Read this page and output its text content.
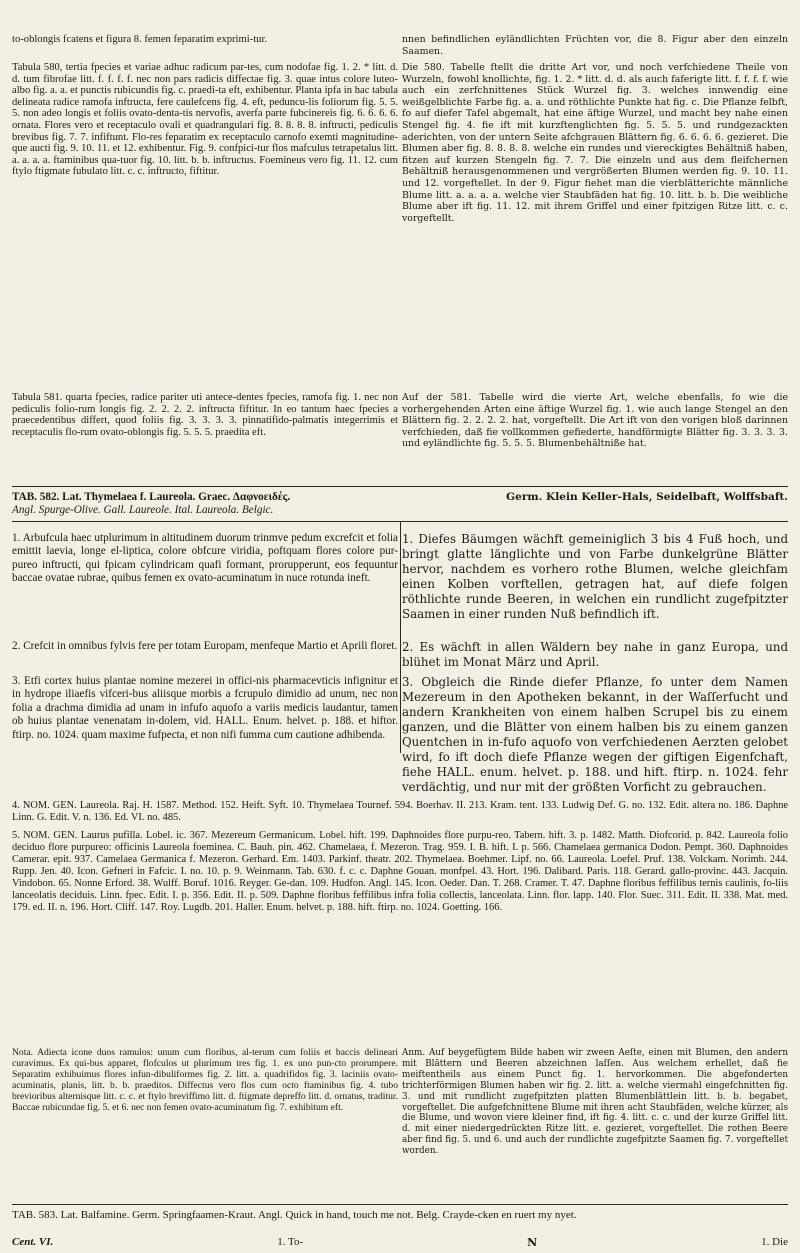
to-oblongis fcatens et figura 8. femen feparatim exprimi-tur.	nnen befindlichen eyländlichten Früchten vor, die 8. Figur aber den einzeln Saamen.

Tabula 580, tertia fpecies et variae adhuc radicum par-tes, cum nodofae fig. 1. 2. * litt. d. d. tum fibrofae litt. f. f. f. f. nec non pars radicis diffectae fig. 3. quae intus colore luteo-albo fig. a. a. et punctis rubicundis fig. c. praedi-ta eft, exhibentur. Planta ipfa in hac tabula delineata radice ramofa inftructa, fere caulefcens fig. 4. eft, peduncu-lis foliorum fig. 5. 5. 5. non adeo longis et foliis ovato-denta-tis nervofis, averfa parte fubcinereis fig. 6. 6. 6. 6. ornata. Flores vero et receptaculo ovali et quadrangulari fig. 8. 8. 8. 8. inftructi, pediculis brevibus fig. 7. 7. infiftunt. Flo-res feparatim ex receptaculo carnofo exemti magnitudine-que aucti fig. 9. 10. 11. et 12. exhibentur. Fig. 9. confpici-tur flos mafculus tetrapetalus litt. a. a. a. a. ftaminibus qua-tuor fig. 10. litt. b. b. inftructus. Foemineus vero fig. 11. 12. cum ftylo ftigmate fubulato litt. c. c. inftructo, fiftitur.

Die 580. Tabelle ftellt die dritte Art vor, und noch verfchiedene Theile von Wurzeln, fowohl knollichte, fig. 1. 2. * litt. d. d. als auch faferigte litt. f. f. f. f. wie auch ein zerfchnittenes Stück Wurzel fig. 3. welches innwendig eine weißgelblichte Farbe fig. a. a. und röthlichte Punkte hat fig. c. Die Pflanze felbft, fo auf diefer Tafel abgemalt, hat eine äftige Wurzel, und macht bey nahe einen Stengel fig. 4. fie ift mit kurzftenglichten fig. 5. 5. 5. und rundgezackten aderichten, von der untern Seite afchgrauen Blättern fig. 6. 6. 6. 6. gezieret. Die Blumen aber fig. 8. 8. 8. 8. welche ein rundes und viereckigtes Behältniß haben, fitzen auf kurzen Stengeln fig. 7. 7. Die einzeln und aus dem fleifchernen Behältniß herausgenommenen und vergrößerten Blumen werden fig. 9. 10. 11. und 12. vorgeftellet. In der 9. Figur fiehet man die vierblätterichte männliche Blume litt. a. a. a. a. welche vier Staubfäden hat fig. 10. litt. b. b. Die weibliche Blume aber ift fig. 11. 12. mit ihrem Griffel und einer fpitzigen Ritze litt. c. c. vorgeftellt.

Tabula 581. quarta fpecies, radice pariter uti antece-dentes fpecies, ramofa fig. 1. nec non pediculis folio-rum longis fig. 2. 2. 2. 2. inftructa fiftitur. In eo tantum haec fpecies a praecedentibus differt, quod foliis fig. 3. 3. 3. 3. pinnatifido-palmatis integerrimis et receptaculis flo-rum ovato-oblongis fig. 5. 5. 5. praedita eft.

Auf der 581. Tabelle wird die vierte Art, welche ebenfalls, fo wie die vorhergehenden Arten eine äftige Wurzel fig. 1. wie auch lange Stengel an den Blättern fig. 2. 2. 2. 2. hat, vorgeftellt. Die Art ift von den vorigen bloß darinnen verfchieden, daß fie vollkommen gefiederte, handförmigte Blätter fig. 3. 3. 3. 3. und eyländlichte fig. 5. 5. 5. Blumenbehältniße hat.

TAB. 582. Lat. Thymelaea f. Laureola. Graec. Δαφνοειδές.	Germ. Klein Keller-Hals, Seidelbaft, Wolffsbaft.
Angl. Spurge-Olive. Gall. Laureole. Ital. Laureola. Belgic.

1. Arbufcula haec utplurimum in altitudinem duorum trinmve pedum excrefcit et folia emittit laevia, longe el-liptica, colore obfcure viridia, poftquam flores colore pur-pureo inftructi, qui fpicam cylindricam quafi formant, prorupperunt, eos fequuntur baccae ovatae rubrae, quibus femen ex ovato-acuminatum in nuce rotunda ineft.

1. Diefes Bäumgen wächft gemeiniglich 3 bis 4 Fuß hoch, und bringt glatte länglichte und von Farbe dunkelgrüne Blätter hervor, nachdem es vorhero rothe Blumen, welche gleichfam einen Kolben vorftellen, getragen hat, auf diefe folgen röthlichte runde Beeren, in welchen ein rundlicht zugefpitzter Saamen in einer runden Nuß befindlich ift.

2. Crefcit in omnibus fylvis fere per totam Europam, menfeque Martio et Aprili floret. 2. Es wächft in allen Wäldern bey nahe in ganz Europa, und blühet im Monat März und April.

3. Etfi cortex huius plantae nomine mezerei in offici-nis pharmacevticis infignitur et in hydrope iliaefis vifceri-bus aliisque morbis a fcrupulo dimidio ad unum, nec non folia a drachma dimidia ad unam in infufo aquofo a variis medicis laudantur, tamen ob huius plantae venenatam in-dolem, vid. HALL. Enum. helvet. p. 188. et hiftor. ftirp. no. 1024. quam maxime fufpecta, et non nifi fumma cum cautione adhibenda.

3. Obgleich die Rinde diefer Pflanze, fo unter dem Namen Mezereum in den Apotheken bekannt, in der Waſſerfucht und andern Krankheiten von einem halben Scrupel bis zu einem ganzen, und die Blätter von einem halben bis zu einem ganzen Quentchen in in-fufo aquofo von verfchiedenen Aerzten gelobet wird, fo ift doch diefe Pflanze wegen der giftigen Eigenfchaft, fiehe HALL. enum. helvet. p. 188. und hift. ftirp. n. 1024. fehr verdächtig, und nur mit der größten Vorficht zu gebrauchen.

4. NOM. GEN. Laureola. Raj. H. 1587. Method. 152. Heift. Syft. 10. Thymelaea Tournef. 594. Boerhav. II. 213. Kram. tent. 133. Ludwig Def. G. no. 132. Edit. altera no. 186. Daphne Linn. G. Edit. V. n. 136. Ed. VI. no. 485.
5. NOM. GEN. Laurus pufilla. Lobel. ic. 367. Mezereum Germanicum. Lobel. hift. 199. Daphnoides flore purpu-reo. Tabern. hift. 3. p. 1482. Matth. Diofcorid. p. 842. Laureola folio deciduo flore purpureo: officinis Laureola foeminea. C. Bauh. pin. 462. Chamelaea, f. Mezeron. Trag. 959. I. B. hift. I. p. 566. Chamelaea germanica Dodon. Pempt. 360. Daphnoides Camerar. epit. 937. Camelaea Germanica f. Mezeron. Gerhard. Em. 1403. Parkinf. theatr. 202. Thymelaea. Boehmer. Lipf. no. 66. Laureola. Loefel. Pruf. 138. Volckam. Norimb. 244. Rupp. Jen. 40. Icon. Gefneri in Fafcic. I. no. 10. p. 9. Weinmann. Tab. 630. f. c. c. Daphne Gouan. monfpel. 43. Hort. 196. Dalibard. Paris. 118. Gerard. gallo-provinc. 443. Jacquin. Vindobon. 65. Nonne Erford. 38. Wulff. Boruf. 1016. Reyger. Ge-dan. 109. Hudfon. Angl. 145. Icon. Oeder. Dan. T. 268. Cramer. T. 47. Daphne floribus feffilibus ternis caulinis, fo-liis lanceolatis deciduis. Linn. fpec. Edit. I. p. 356. Edit. II. p. 509. Daphne floribus feffilibus infra folia collectis, lanceolata. Linn. flor. lapp. 140. Flor. Suec. 311. Edit. II. 338. Mat. med. 179. ed. II. n. 196. Hort. Cliff. 147. Roy. Lugdb. 201. Haller. Enum. helvet. p. 188. hift. ftirp. no. 1024. Goetting. 166.

Nota. Adiecta icone duos ramulos: unum cum floribus, al-terum cum foliis et baccis delineari curavimus. Ex qui-bus apparet, flofculos ut plurimum tres fig. 1. ex uno pun-cto prorumpere. Separatim exhibuimus flores infun-dibuliformes fig. 2. litt. a. quadrifidos fig. 3. laciniis ovato-acuminatis, planis, litt. b. b. praeditos. Diffectus vero flos cum octo ftaminibus fig. 4. tubo brevioribus alternisque litt. c. c. et ftylo breviffimo litt. d. ftigmate depreffo litt. d. ornatus, traditur. Baccae rubicundae fig. 5. et 6. nec non femen ovato-acuminatum fig. 7. exhibitum eft.

Anm. Auf beygefügtem Bilde haben wir zween Aeſte, einen mit Blumen, den andern mit Blättern und Beeren abzeichnen laſſen. Aus welchem erhellet, daß fie meiftentheils aus einem Punct fig. 1. hervorkommen. Die abgefonderten trichterförmigen Blumen haben wir fig. 2. litt. a. welche viermahl eingefchnitten fig. 3. und mit rundlicht zugefpitzten platten Blumenblättlein litt. b. b. begabet, vorgeftellet. Die aufgefchnittene Blume mit ihren acht Staubfäden, welche kürzer, als die Blume, und wovon viere kleiner find, ift fig. 4. litt. c. c. und der kurze Griffel litt. d. mit einer niedergedrückten Ritze litt. e. gezieret, vorgeftellet. Die rothen Beere aber find fig. 5. und 6. und auch der rundlichte zugefpitzte Saamen fig. 7. vorgeftellet worden.

TAB. 583. Lat. Balfamine. Germ. Springfaamen-Kraut. Angl. Quick in hand, touch me not. Belg. Crayde-cken en ruert my nyet.
Cent. VI.	1. To-	N	1. Die
